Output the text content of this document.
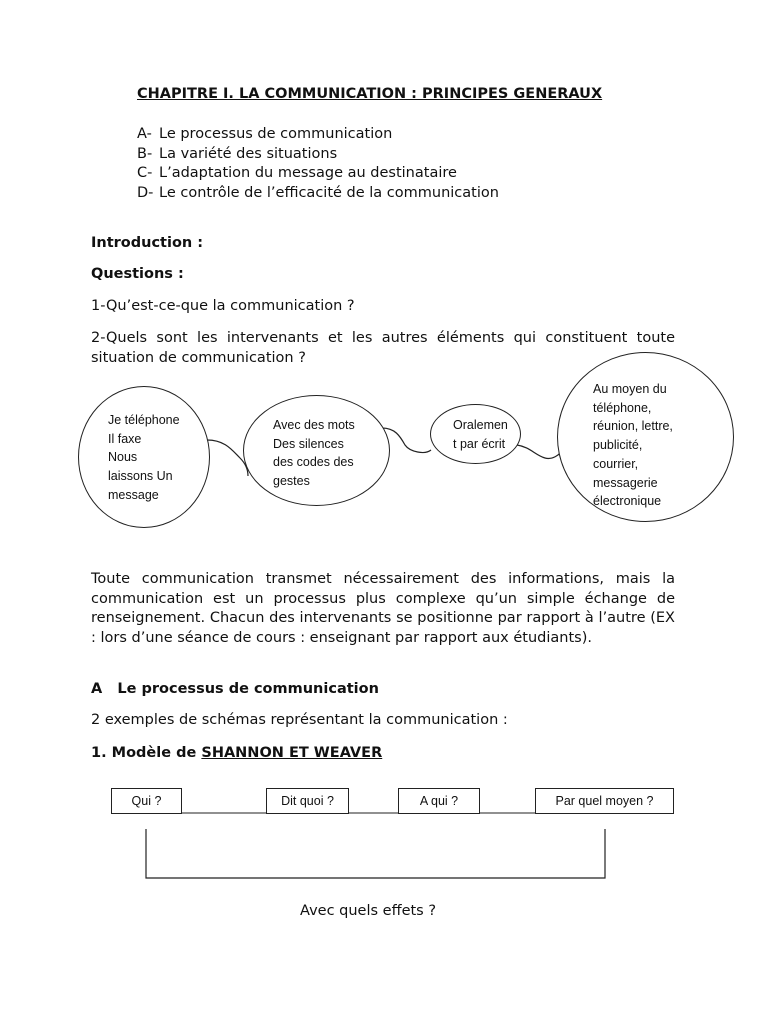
CHAPITRE I. LA COMMUNICATION : PRINCIPES GENERAUX

A- Le processus de communication
B- La variété des situations
C- L’adaptation du message au destinataire
D- Le contrôle de l’efficacité de la communication

Introduction :

Questions :

1-Qu’est-ce-que la communication ?

2-Quels sont les intervenants et les autres éléments qui constituent toute situation de communication ?

Je téléphone
Il faxe
Nous
laissons Un
message
Avec des mots
Des silences
des codes des
gestes
Oralemen
t par écrit
Au moyen du
téléphone,
réunion, lettre,
publicité,
courrier,
messagerie
électronique

Toute communication transmet nécessairement des informations, mais la communication est un processus plus complexe qu’un simple échange de renseignement. Chacun des intervenants se positionne par rapport à l’autre (EX : lors d’une séance de cours : enseignant par rapport aux étudiants).

A Le processus de communication

2 exemples de schémas représentant la communication :

1. Modèle de SHANNON ET WEAVER

Qui ?	Dit quoi ?	A qui ?	Par quel moyen ?

Avec quels effets ?
